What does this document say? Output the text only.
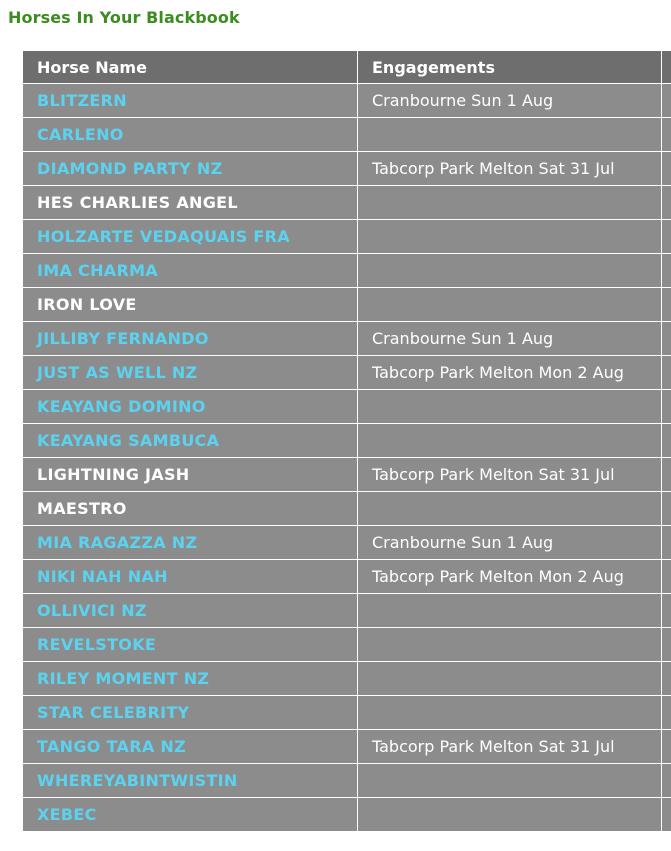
Horses In Your Blackbook
Horse Name	Engagements	
BLITZERN	Cranbourne Sun 1 Aug	
CARLENO		
DIAMOND PARTY NZ	Tabcorp Park Melton Sat 31 Jul	
HES CHARLIES ANGEL		
HOLZARTE VEDAQUAIS FRA		
IMA CHARMA		
IRON LOVE		
JILLIBY FERNANDO	Cranbourne Sun 1 Aug	
JUST AS WELL NZ	Tabcorp Park Melton Mon 2 Aug	
KEAYANG DOMINO		
KEAYANG SAMBUCA		
LIGHTNING JASH	Tabcorp Park Melton Sat 31 Jul	
MAESTRO		
MIA RAGAZZA NZ	Cranbourne Sun 1 Aug	
NIKI NAH NAH	Tabcorp Park Melton Mon 2 Aug	
OLLIVICI NZ		
REVELSTOKE		
RILEY MOMENT NZ		
STAR CELEBRITY		
TANGO TARA NZ	Tabcorp Park Melton Sat 31 Jul	
WHEREYABINTWISTIN		
XEBEC		
